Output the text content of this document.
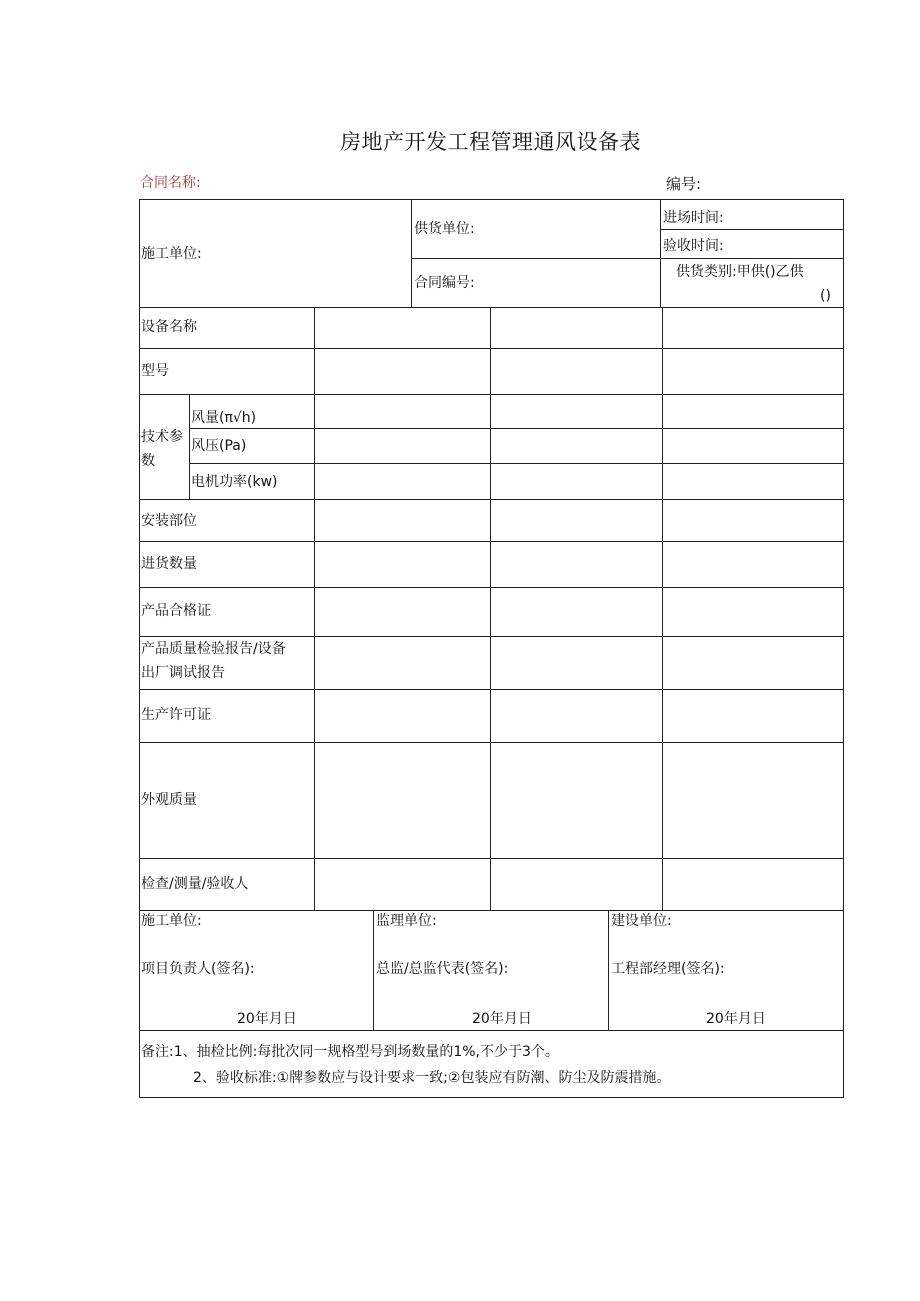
房地产开发工程管理通风设备表
合同名称:	编号:
施工单位:
供货单位:
合同编号:
进场时间:
验收时间:
供货类别:甲供()乙供
()
设备名称
型号
技术参
数
风量(π√h)
风压(Pa)
电机功率(kw)
安装部位
进货数量
产品合格证
产品质量检验报告/设备
出厂调试报告
生产许可证
外观质量
检查/测量/验收人
施工单位:	监理单位:	建设单位:
项目负责人(签名):	总监/总监代表(签名):	工程部经理(签名):
20年月日	20年月日	20年月日
备注:1、抽检比例:每批次同一规格型号到场数量的1%,不少于3个。
2、验收标准:①牌参数应与设计要求一致;②包装应有防潮、防尘及防震措施。
